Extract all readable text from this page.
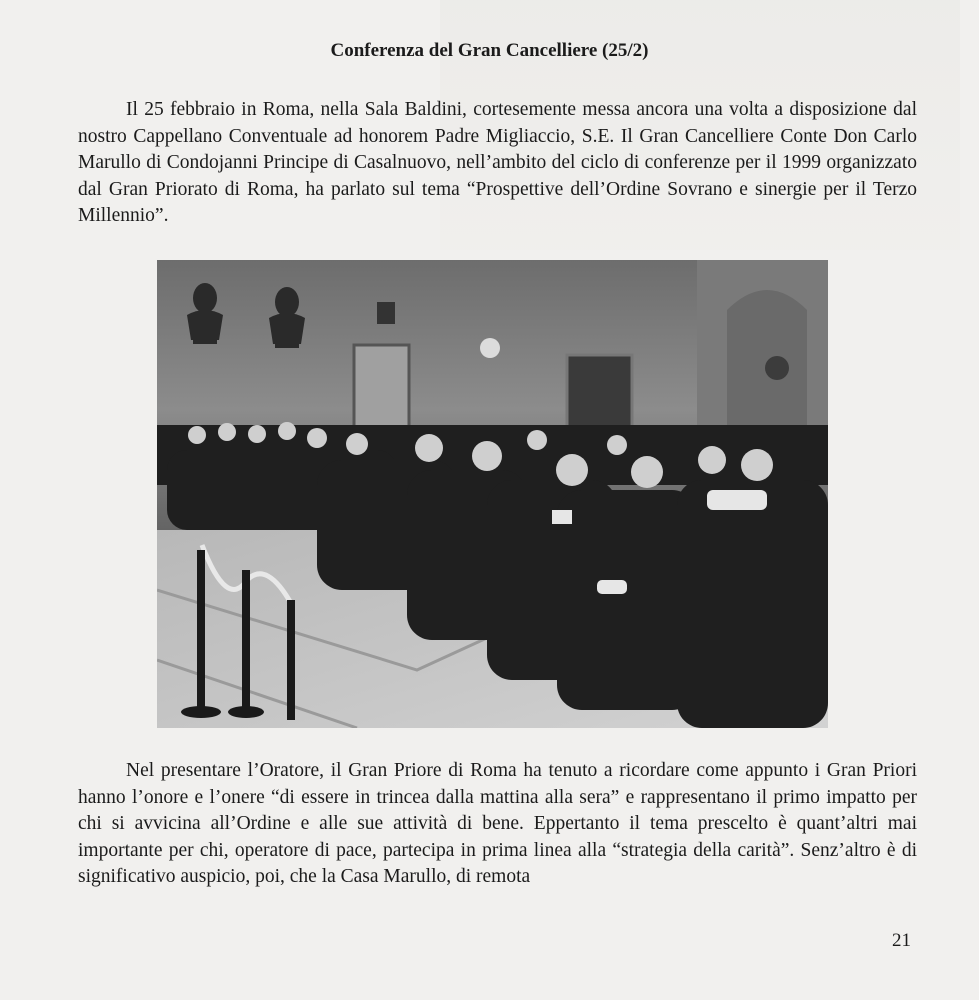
Conferenza del Gran Cancelliere (25/2)

Il 25 febbraio in Roma, nella Sala Baldini, cortesemente messa ancora una volta a disposizione dal nostro Cappellano Conventuale ad honorem Padre Migliaccio, S.E. Il Gran Cancelliere Conte Don Carlo Marullo di Condojanni Principe di Casalnuovo, nell’ambito del ciclo di conferenze per il 1999 organizzato dal Gran Priorato di Roma, ha parlato sul tema “Prospettive dell’Ordine Sovrano e sinergie per il Terzo Millennio”.

Nel presentare l’Oratore, il Gran Priore di Roma ha tenuto a ricordare come appunto i Gran Priori hanno l’onore e l’onere “di essere in trincea dalla mattina alla sera” e rappresentano il primo impatto per chi si avvicina all’Ordine e alle sue attività di bene. Eppertanto il tema prescelto è quant’altri mai importante per chi, operatore di pace, partecipa in prima linea alla “strategia della carità”. Senz’altro è di significativo auspicio, poi, che la Casa Marullo, di remota

21
